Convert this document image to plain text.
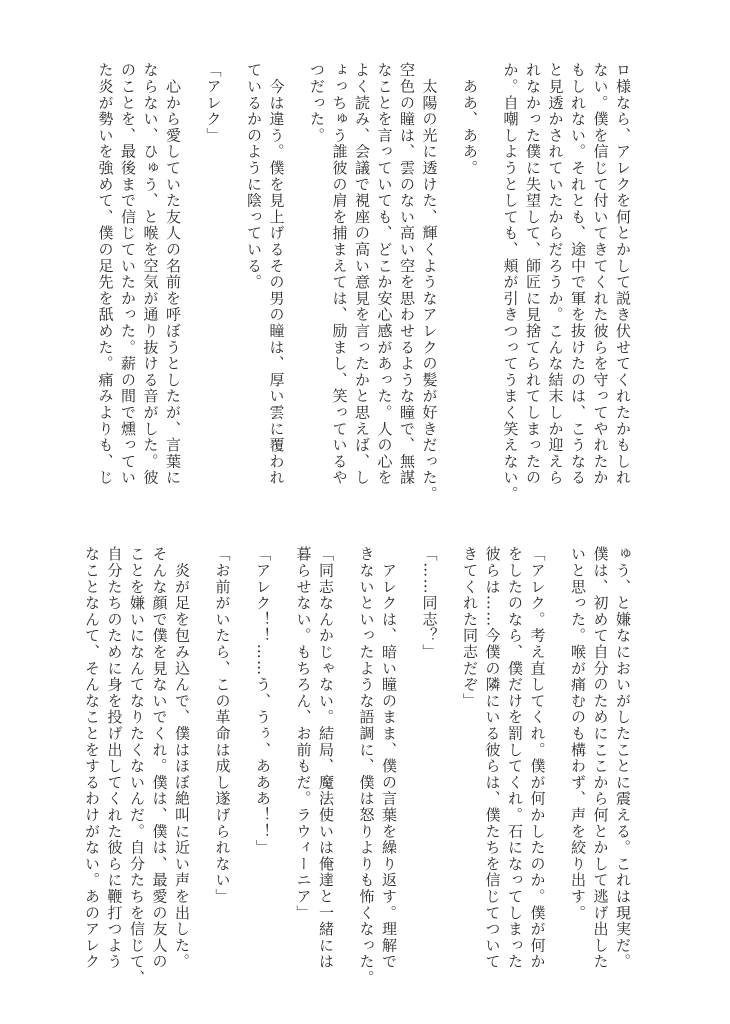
ロ様なら、アレクを何とかして説き伏せてくれたかもしれ
ない。僕を信じて付いてきてくれた彼らを守ってやれたか
もしれない。それとも、途中で軍を抜けたのは、こうなる
と見透かされていたからだろうか。こんな結末しか迎えら
れなかった僕に失望して、師匠に見捨てられてしまったの
か。自嘲しようとしても、頬が引きつってうまく笑えない。
　ああ、ああ。
　太陽の光に透けた、輝くようなアレクの髪が好きだった。
空色の瞳は、雲のない高い空を思わせるような瞳で、無謀
なことを言っていても、どこか安心感があった。人の心を
よく読み、会議で視座の高い意見を言ったかと思えば、し
ょっちゅう誰彼の肩を捕まえては、励まし、笑っているや
つだった。
　今は違う。僕を見上げるその男の瞳は、厚い雲に覆われ
ているかのように陰っている。
「アレク」
　心から愛していた友人の名前を呼ぼうとしたが、言葉に
ならない、ひゅう、と喉を空気が通り抜ける音がした。彼
のことを、最後まで信じていたかった。薪の間で燻ってい
た炎が勢いを強めて、僕の足先を舐めた。痛みよりも、じ
ゅう、と嫌なにおいがしたことに震える。これは現実だ。
僕は、初めて自分のためにここから何とかして逃げ出した
いと思った。喉が痛むのも構わず、声を絞り出す。
「アレク。考え直してくれ。僕が何かしたのか。僕が何か
をしたのなら、僕だけを罰してくれ。石になってしまった
彼らは……今僕の隣にいる彼らは、僕たちを信じてついて
きてくれた同志だぞ」
「……同志？」
　アレクは、暗い瞳のまま、僕の言葉を繰り返す。理解で
きないといったような語調に、僕は怒りよりも怖くなった。
「同志なんかじゃない。結局、魔法使いは俺達と一緒には
暮らせない。もちろん、お前もだ。ラウィーニア」
「アレク！！……う、うぅ、あああ！！」
「お前がいたら、この革命は成し遂げられない」
　炎が足を包み込んで、僕はほぼ絶叫に近い声を出した。
そんな顔で僕を見ないでくれ。僕は、僕は、最愛の友人の
ことを嫌いになんてなりたくないんだ。自分たちを信じて、
自分たちのために身を投げ出してくれた彼らに鞭打つよう
なことなんて、そんなことをするわけがない。あのアレク
